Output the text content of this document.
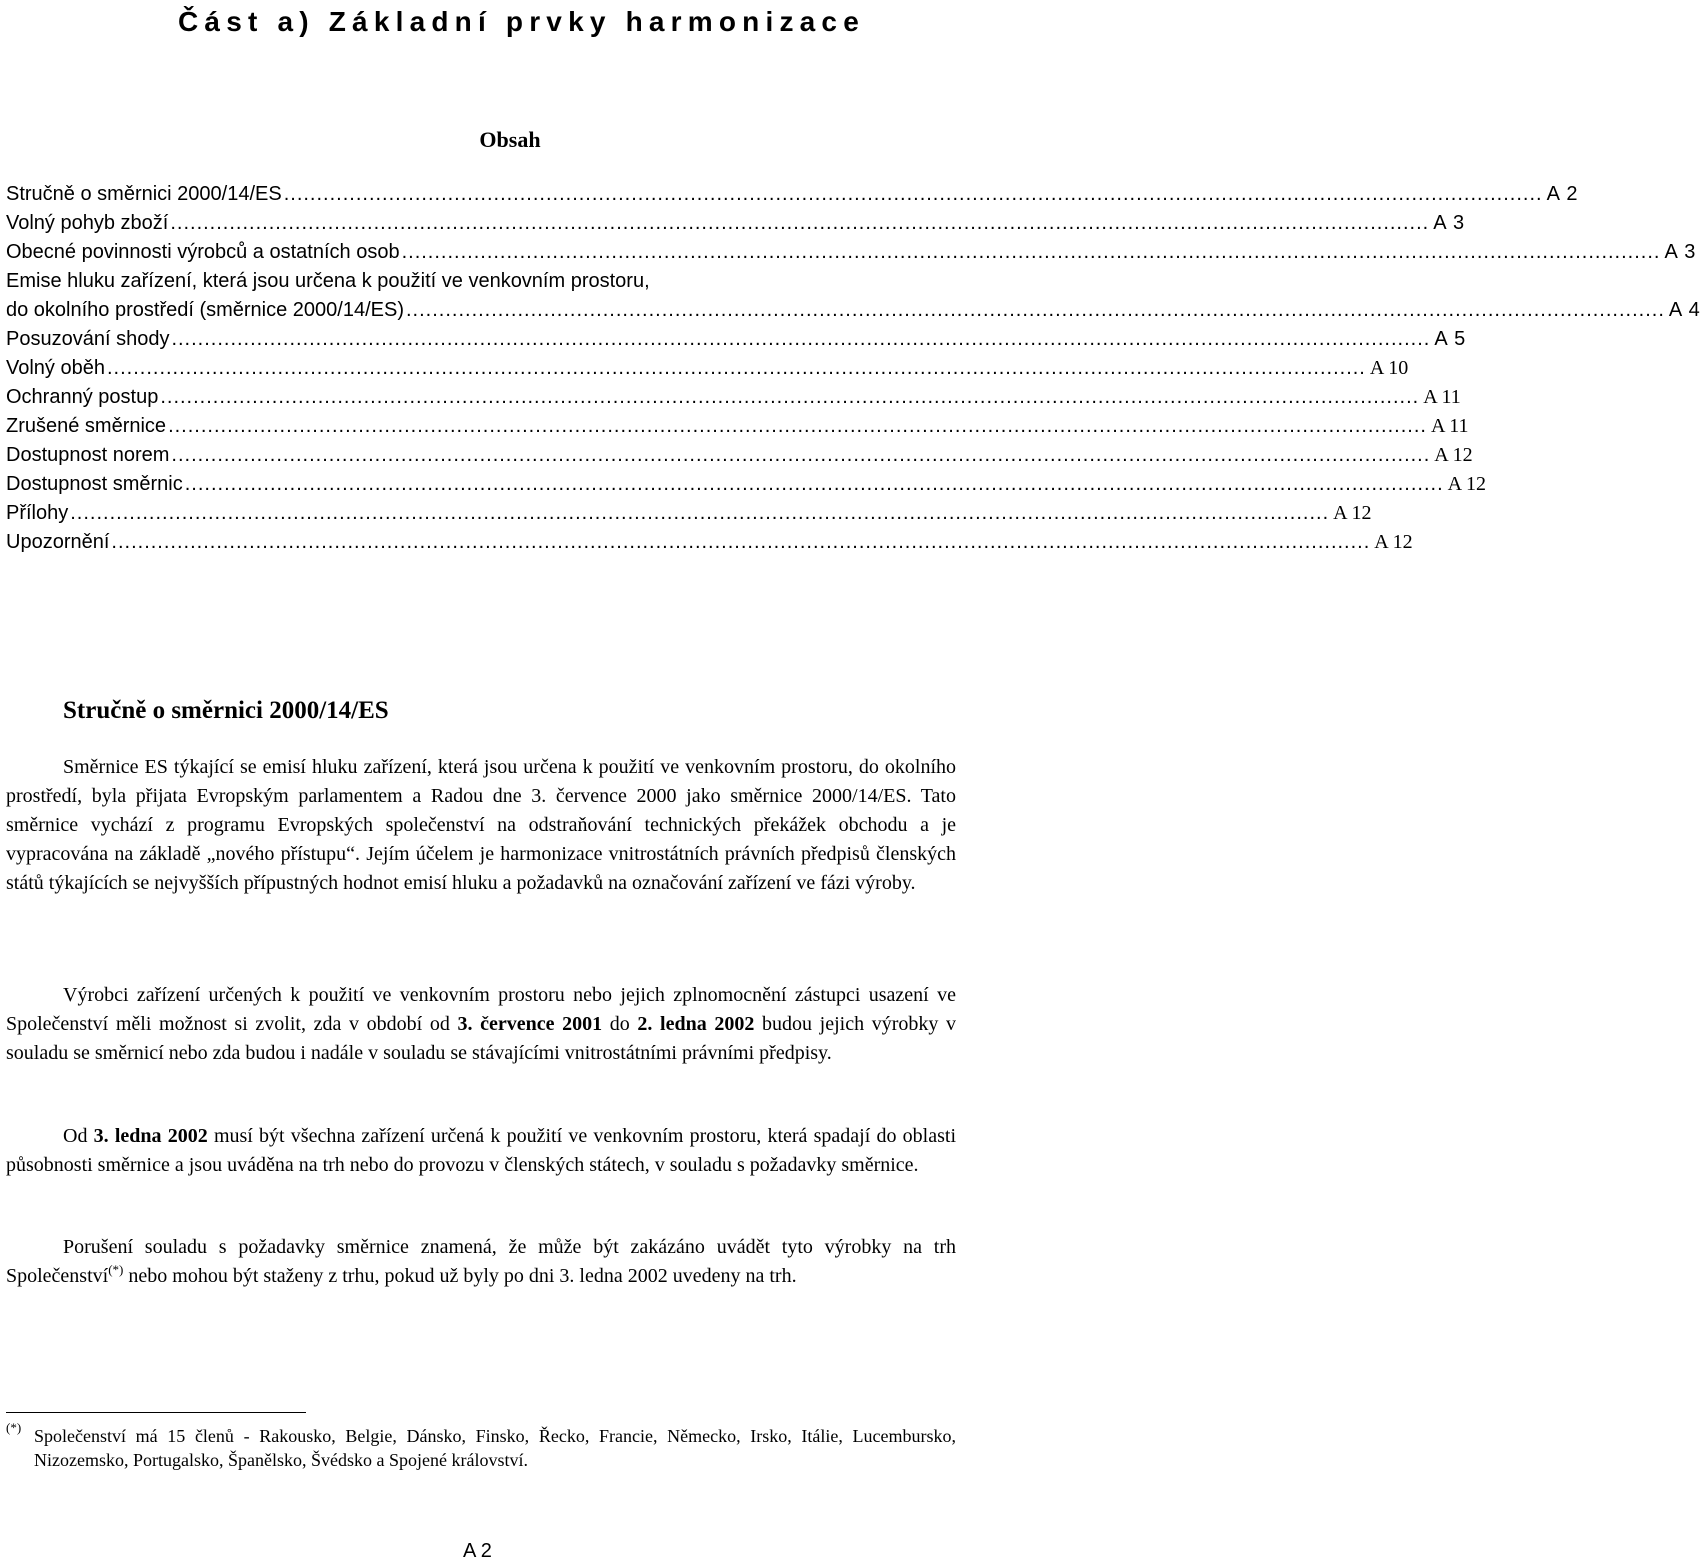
Část a) Základní prvky harmonizace
Obsah
Stručně o směrnici 2000/14/ES ................................................................................................................................................................................................ A 2
Volný pohyb zboží ................................................................................................................................................................................................ A 3
Obecné povinnosti výrobců a ostatních osob ................................................................................................................................................................................................ A 3
Emise hluku zařízení, která jsou určena k použití ve venkovním prostoru,
do okolního prostředí (směrnice 2000/14/ES) ................................................................................................................................................................................................ A 4
Posuzování shody ................................................................................................................................................................................................ A 5
Volný oběh ................................................................................................................................................................................................ A 10
Ochranný postup ................................................................................................................................................................................................ A 11
Zrušené směrnice ................................................................................................................................................................................................ A 11
Dostupnost norem ................................................................................................................................................................................................ A 12
Dostupnost směrnic ................................................................................................................................................................................................ A 12
Přílohy ................................................................................................................................................................................................ A 12
Upozornění ................................................................................................................................................................................................ A 12
Stručně o směrnici 2000/14/ES

Směrnice ES týkající se emisí hluku zařízení, která jsou určena k použití ve venkovním prostoru, do okolního prostředí, byla přijata Evropským parlamentem a Radou dne 3. července 2000 jako směrnice 2000/14/ES. Tato směrnice vychází z programu Evropských společenství na odstraňování technických překážek obchodu a je vypracována na základě „nového přístupu“. Jejím účelem je harmonizace vnitrostátních právních předpisů členských států týkajících se nejvyšších přípustných hodnot emisí hluku a požadavků na označování zařízení ve fázi výroby.

Výrobci zařízení určených k použití ve venkovním prostoru nebo jejich zplnomocnění zástupci usazení ve Společenství měli možnost si zvolit, zda v období od 3. července 2001 do 2. ledna 2002 budou jejich výrobky v souladu se směrnicí nebo zda budou i nadále v souladu se stávajícími vnitrostátními právními předpisy.

Od 3. ledna 2002 musí být všechna zařízení určená k použití ve venkovním prostoru, která spadají do oblasti působnosti směrnice a jsou uváděna na trh nebo do provozu v členských státech, v souladu s požadavky směrnice.

Porušení souladu s požadavky směrnice znamená, že může být zakázáno uvádět tyto výrobky na trh Společenství(*) nebo mohou být staženy z trhu, pokud už byly po dni 3. ledna 2002 uvedeny na trh.

(*) Společenství má 15 členů - Rakousko, Belgie, Dánsko, Finsko, Řecko, Francie, Německo, Irsko, Itálie, Lucembursko, Nizozemsko, Portugalsko, Španělsko, Švédsko a Spojené království.
A 2
